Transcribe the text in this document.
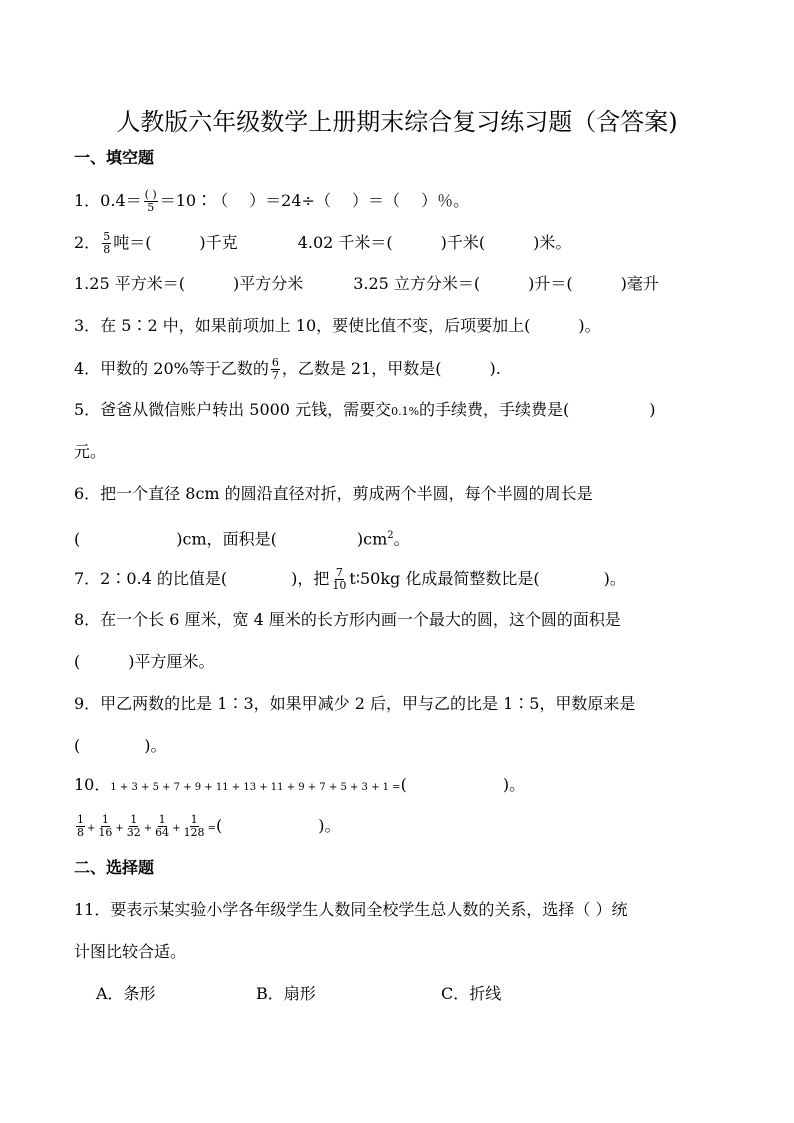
人教版六年级数学上册期末综合复习练习题（含答案)
一、填空题
1．$0.4= \frac{( )}{5}$ ＝10∶（　 ）＝24÷（　 ）＝（　 ）％。
2． $\frac{5}{8}$ 吨＝(　　　)千克	4.02 千米＝(　　　)千米(　　　)米。
1.25 平方米＝(　　　)平方分米	3.25 立方分米＝(　　　)升＝(　　　)毫升
3．在 5∶2 中，如果前项加上 10，要使比值不变，后项要加上(　　　)。
4．甲数的 20%等于乙数的 $\frac{6}{7}$ ，乙数是 21，甲数是(　　　).
5．爸爸从微信账户转出 5000 元钱，需要交0.1%的手续费，手续费是(　　　　　)
元。
6．把一个直径 8cm 的圆沿直径对折，剪成两个半圆，每个半圆的周长是
(　　　　　　)cm，面积是(　　　　　)$cm^2$。
7．2∶0.4 的比值是(　　　　)，把 $\frac{7}{10}$ t∶50kg 化成最简整数比是(　　　　)。
8．在一个长 6 厘米，宽 4 厘米的长方形内画一个最大的圆，这个圆的面积是
(　　　)平方厘米。
9．甲乙两数的比是 1∶3，如果甲减少 2 后，甲与乙的比是 1∶5，甲数原来是
(　　　　)。
10．1 + 3 + 5 + 7 + 9 + 11 + 13 + 11 + 9 + 7 + 5 + 3 + 1 =(　　　　　　)。
$\frac{1}{8} + \frac{1}{16} + \frac{1}{32} + \frac{1}{64} + \frac{1}{128}$ =(　　　　　　)。
二、选择题
11．要表示某实验小学各年级学生人数同全校学生总人数的关系，选择（ ）统
计图比较合适。
A．条形	B．扇形	C．折线
